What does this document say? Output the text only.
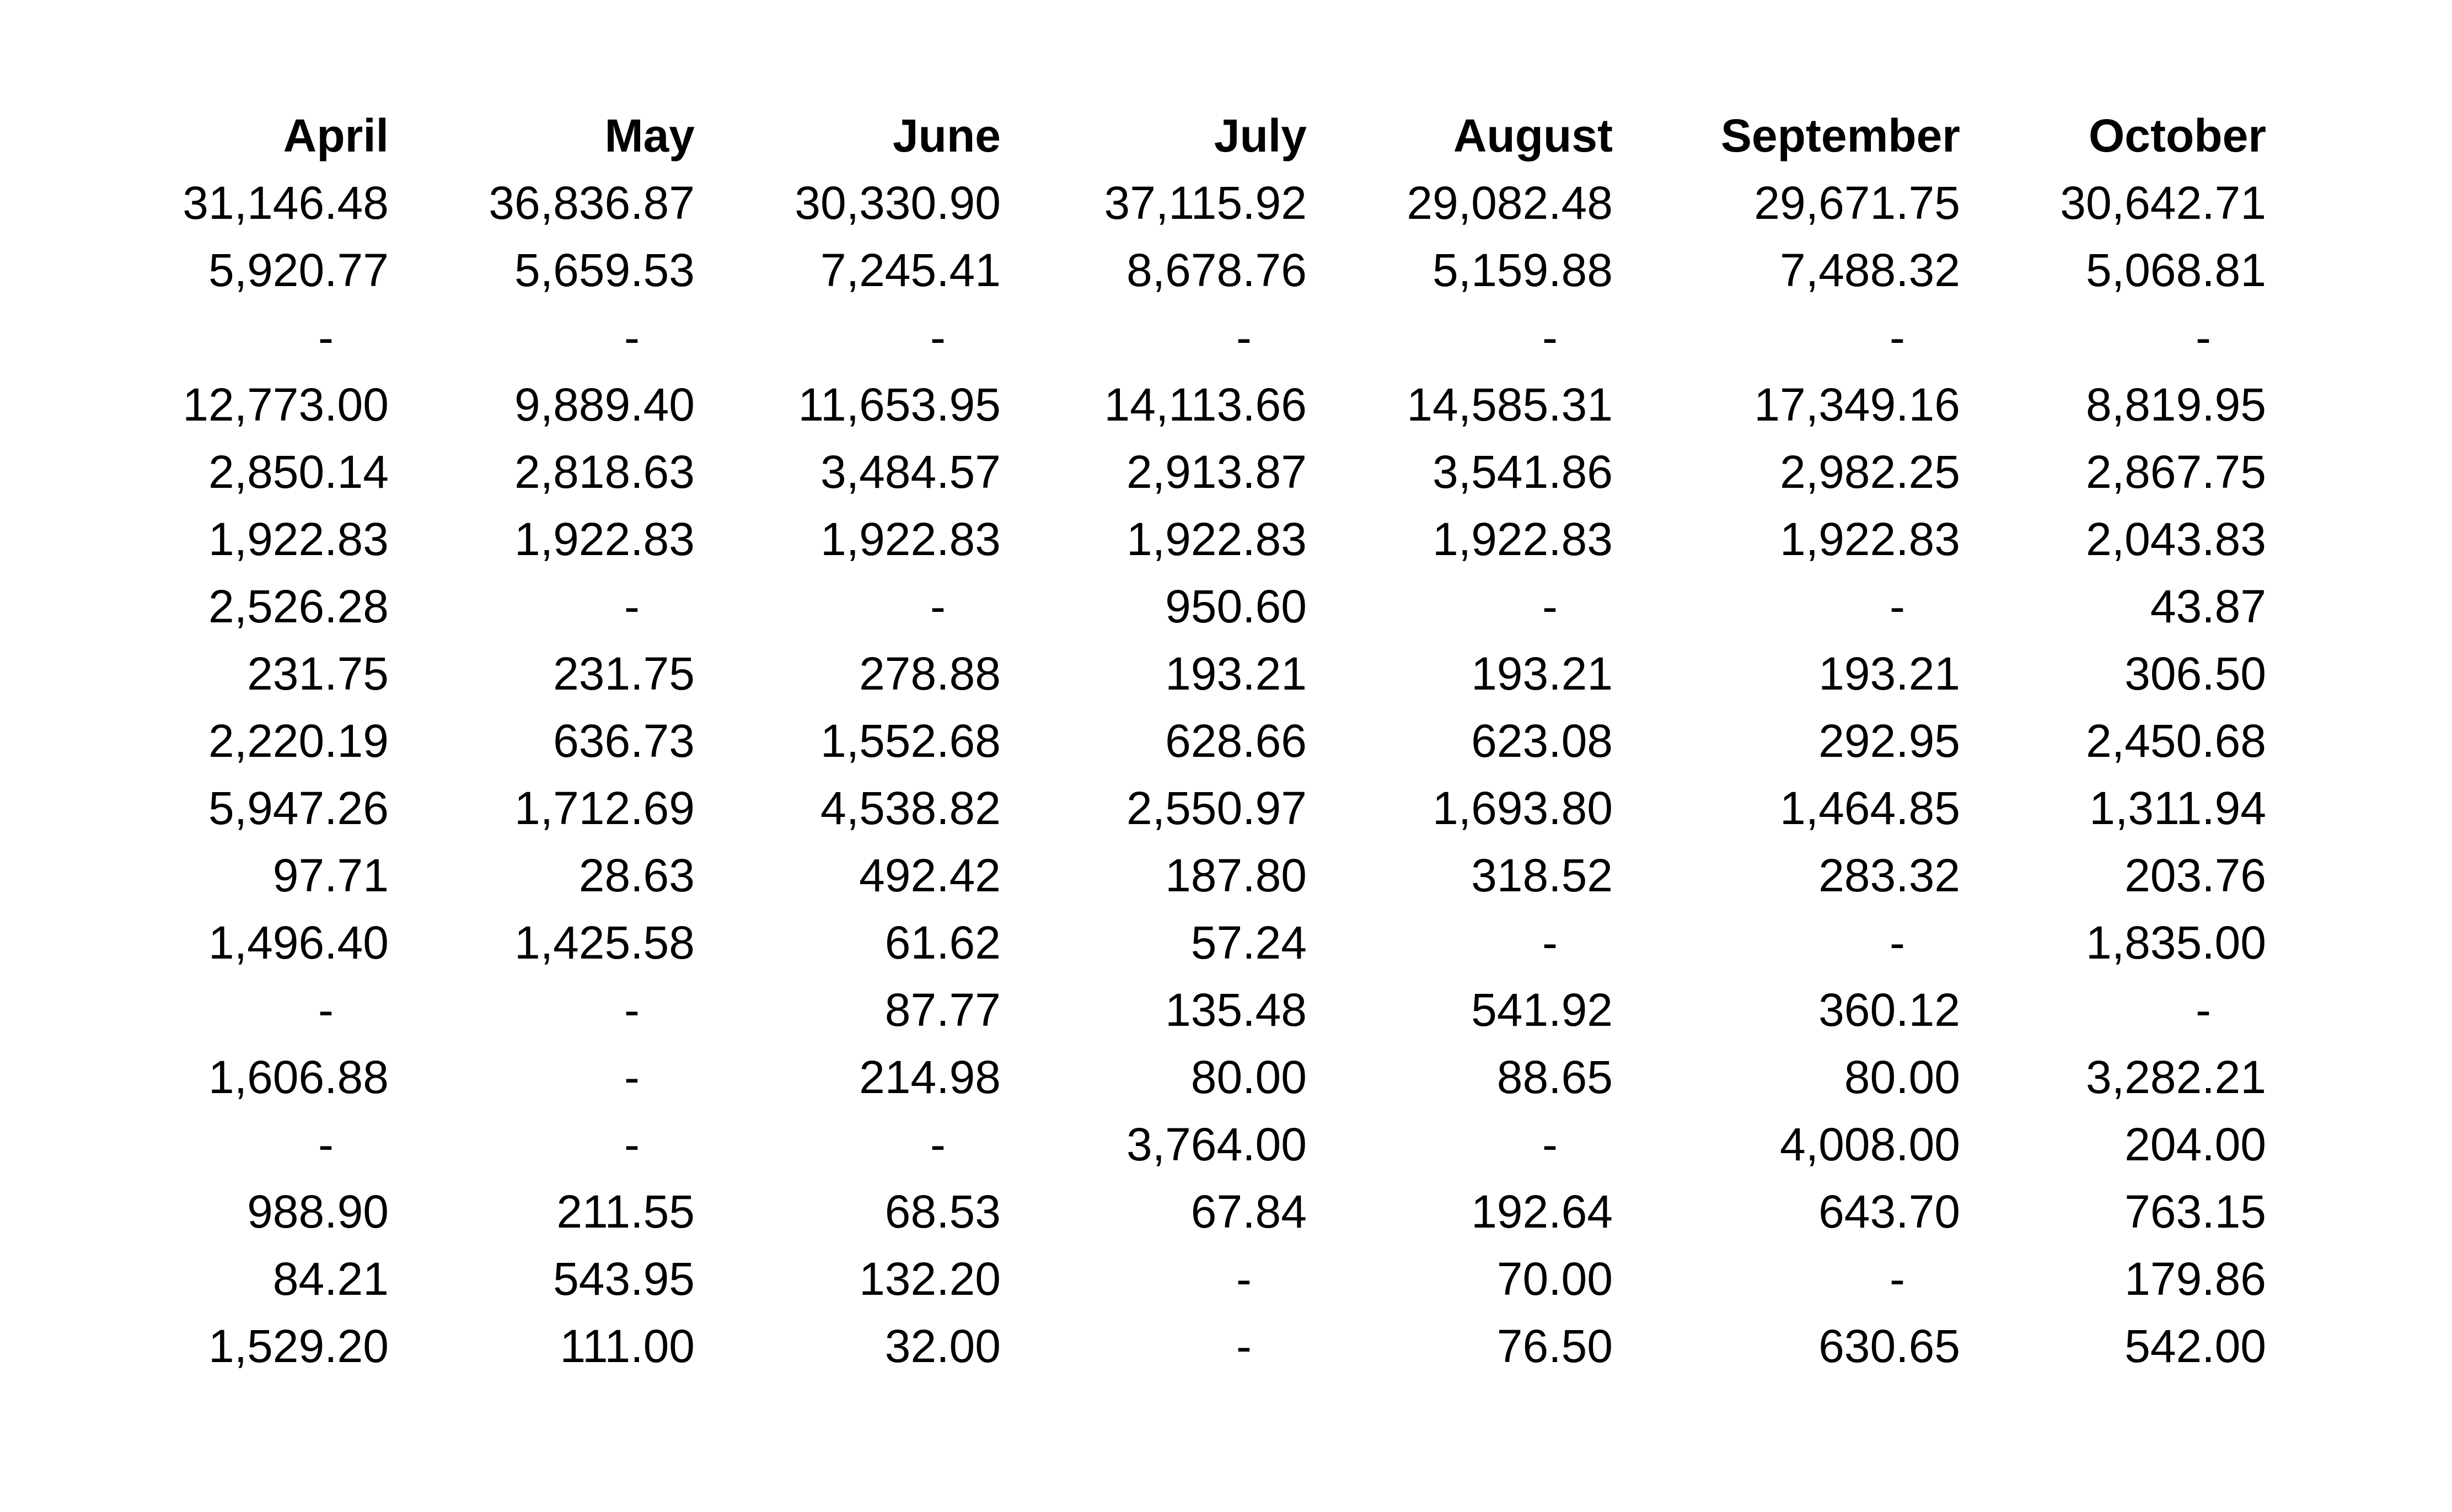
April	May	June	July	August	September	October
31,146.48	36,836.87	30,330.90	37,115.92	29,082.48	29,671.75	30,642.71
5,920.77	5,659.53	7,245.41	8,678.76	5,159.88	7,488.32	5,068.81
-	-	-	-	-	-	-
12,773.00	9,889.40	11,653.95	14,113.66	14,585.31	17,349.16	8,819.95
2,850.14	2,818.63	3,484.57	2,913.87	3,541.86	2,982.25	2,867.75
1,922.83	1,922.83	1,922.83	1,922.83	1,922.83	1,922.83	2,043.83
2,526.28	-	-	950.60	-	-	43.87
231.75	231.75	278.88	193.21	193.21	193.21	306.50
2,220.19	636.73	1,552.68	628.66	623.08	292.95	2,450.68
5,947.26	1,712.69	4,538.82	2,550.97	1,693.80	1,464.85	1,311.94
97.71	28.63	492.42	187.80	318.52	283.32	203.76
1,496.40	1,425.58	61.62	57.24	-	-	1,835.00
-	-	87.77	135.48	541.92	360.12	-
1,606.88	-	214.98	80.00	88.65	80.00	3,282.21
-	-	-	3,764.00	-	4,008.00	204.00
988.90	211.55	68.53	67.84	192.64	643.70	763.15
84.21	543.95	132.20	-	70.00	-	179.86
1,529.20	111.00	32.00	-	76.50	630.65	542.00
